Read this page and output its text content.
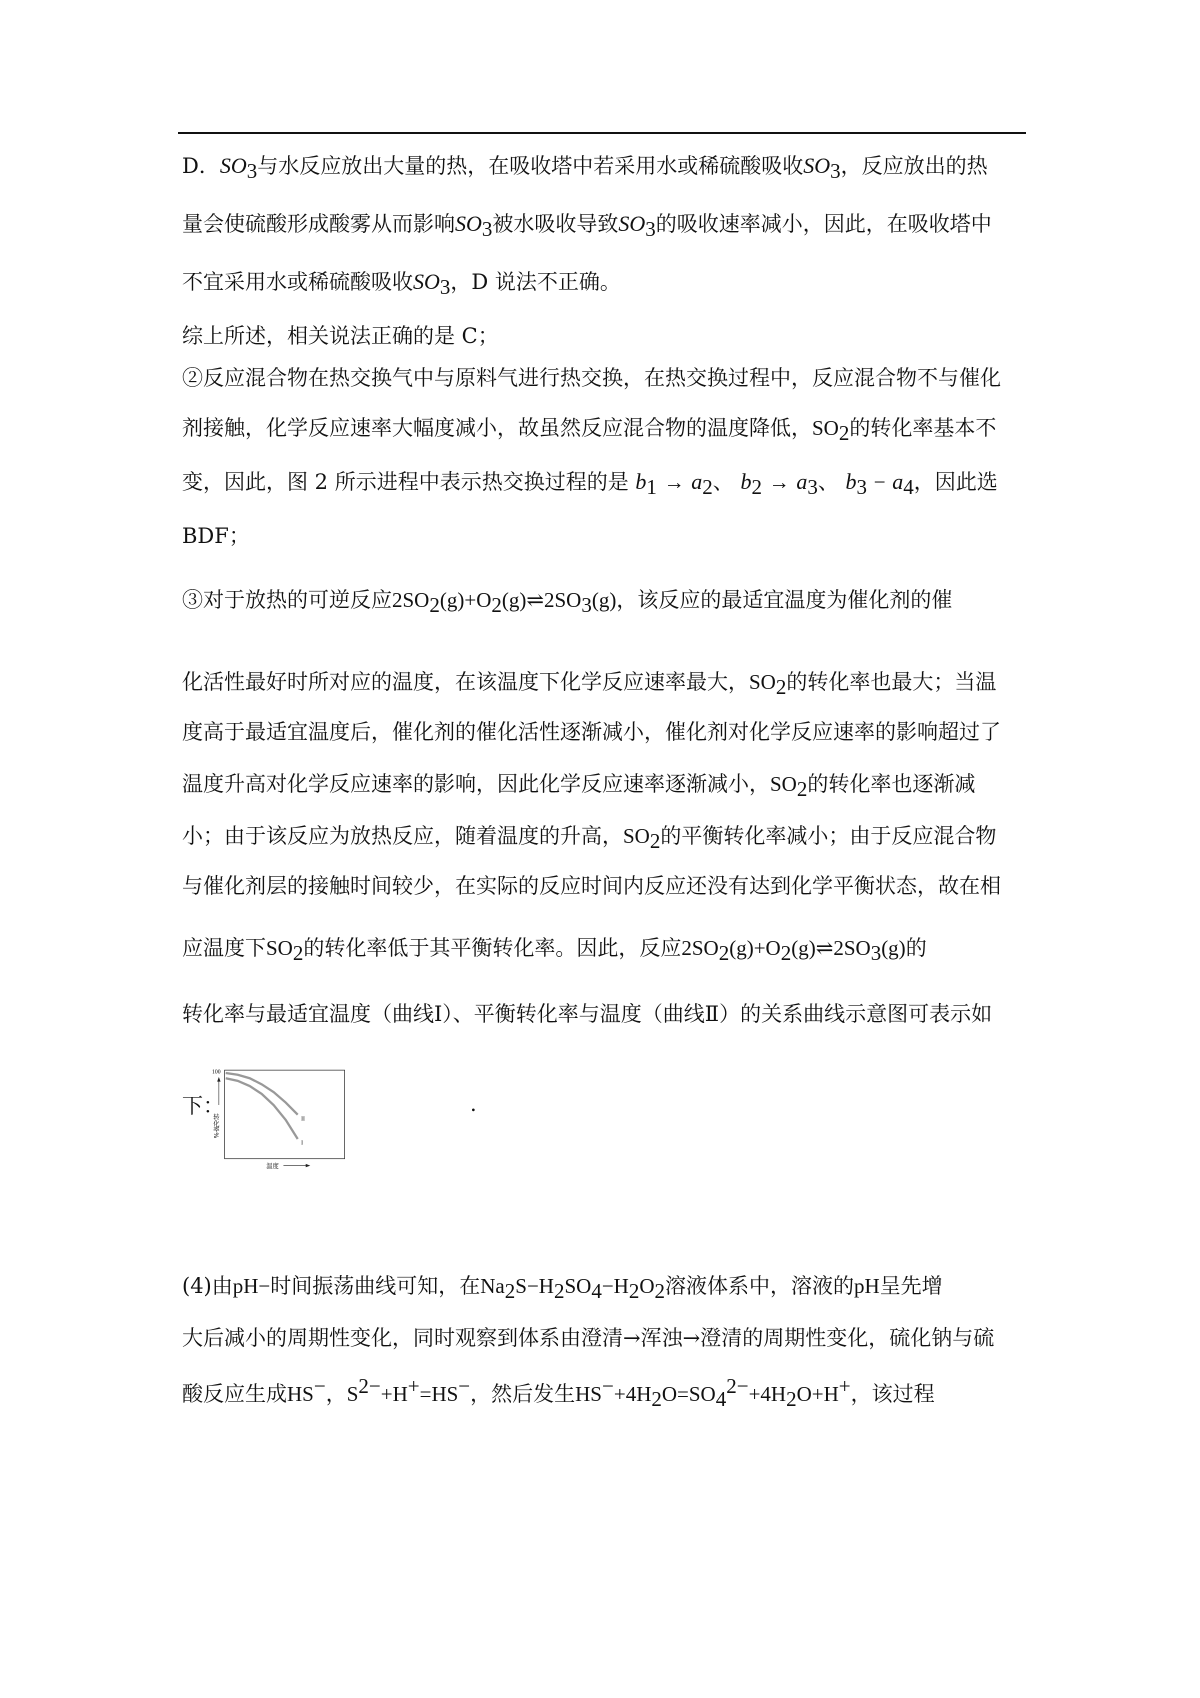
D．$SO_3$与水反应放出大量的热，在吸收塔中若采用水或稀硫酸吸收$SO_3$，反应放出的热
量会使硫酸形成酸雾从而影响$SO_3$被水吸收导致$SO_3$的吸收速率减小，因此，在吸收塔中
不宜采用水或稀硫酸吸收$SO_3$，D 说法不正确。
综上所述，相关说法正确的是 C；
②反应混合物在热交换气中与原料气进行热交换，在热交换过程中，反应混合物不与催化
剂接触，化学反应速率大幅度减小，故虽然反应混合物的温度降低，$SO_2$的转化率基本不
变，因此，图 2 所示进程中表示热交换过程的是 $b_1 \to a_2$、 $b_2 \to a_3$、 $b_3 - a_4$，因此选
BDF；
③对于放热的可逆反应$2SO_2(g)+O_2(g)\rightleftharpoons 2SO_3(g)$，该反应的最适宜温度为催化剂的催
化活性最好时所对应的温度，在该温度下化学反应速率最大，$SO_2$的转化率也最大；当温
度高于最适宜温度后，催化剂的催化活性逐渐减小，催化剂对化学反应速率的影响超过了
温度升高对化学反应速率的影响，因此化学反应速率逐渐减小，$SO_2$的转化率也逐渐减
小；由于该反应为放热反应，随着温度的升高，$SO_2$的平衡转化率减小；由于反应混合物
与催化剂层的接触时间较少，在实际的反应时间内反应还没有达到化学平衡状态，故在相
应温度下$SO_2$的转化率低于其平衡转化率。因此，反应$2SO_2(g)+O_2(g)\rightleftharpoons 2SO_3(g)$的
转化率与最适宜温度（曲线Ⅰ）、平衡转化率与温度（曲线Ⅱ）的关系曲线示意图可表示如
下：
100
转化率%
温度
II
I
.
(4)由pH−时间振荡曲线可知，在$Na_2S-H_2SO_4-H_2O_2$溶液体系中，溶液的pH呈先增
大后减小的周期性变化，同时观察到体系由澄清→浑浊→澄清的周期性变化，硫化钠与硫
酸反应生成HS−，$S^{2-}+H^+=HS^-$，然后发生$HS^-+4H_2O=SO_4^{2-}+4H_2O+H^+$，该过程
